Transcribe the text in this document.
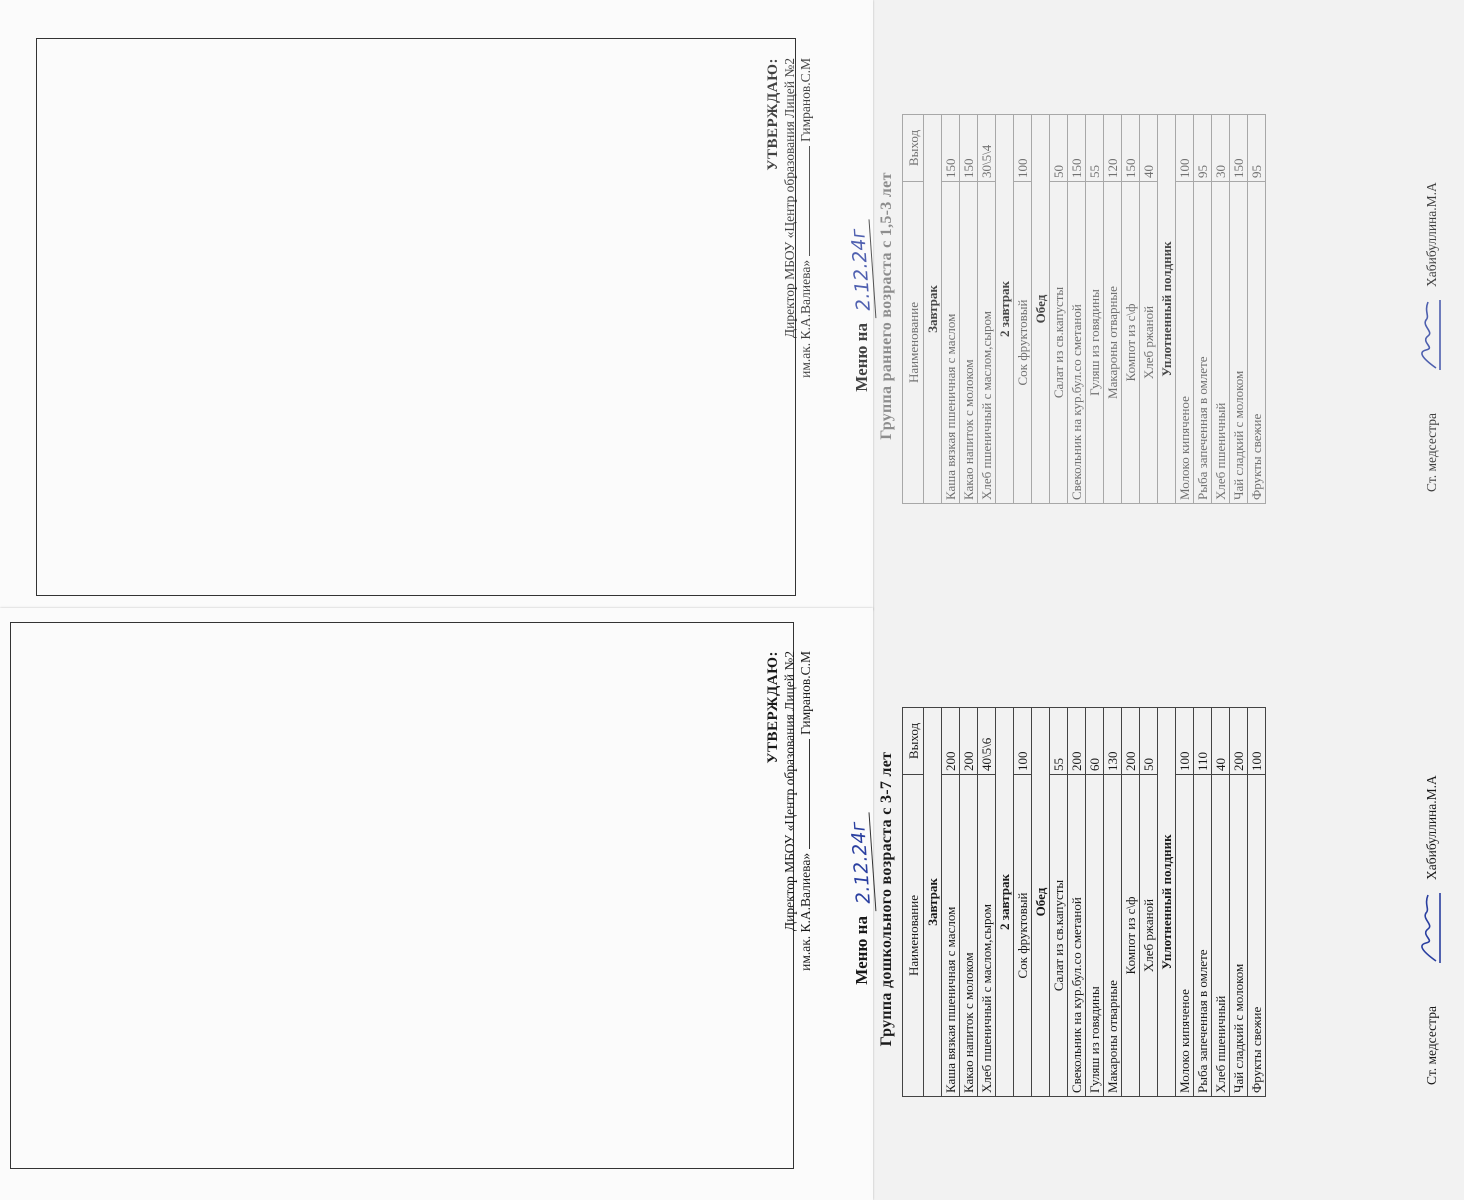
УТВЕРЖДАЮ: Директор МБОУ «Центр образования Лицей №2 им.ак. К.А.Валиева»Гимранов.С.М
Меню на 2.12.24г Группа раннего возраста с 1,5-3 лет Наименование	Выход
Завтрак	
Каша вязкая пшеничная с маслом	150
Какао напиток с молоком	150
Хлеб пшеничный с маслом,сыром	30\5\4
2 завтрак	
Сок фруктовый	100
Обед	
Салат из св.капусты	50
Свекольник на кур.бул.со сметаной	150
Гуляш из говядины	55
Макароны отварные	120
Компот из с\ф	150
Хлеб ржаной	40
Уплотненный полдник	
Молоко кипяченое	100
Рыба запеченная в омлете	95
Хлеб пшеничный	30
Чай сладкий с молоком	150
Фрукты свежие	95
Ст. медсестра
Хабибуллина.М.А
УТВЕРЖДАЮ: Директор МБОУ «Центр образования Лицей №2 им.ак. К.А.Валиева»Гимранов.С.М
Меню на 2.12.24г Группа дошкольного возраста с 3-7 лет Наименование	Выход
Завтрак	
Каша вязкая пшеничная с маслом	200
Какао напиток с молоком	200
Хлеб пшеничный с маслом,сыром	40\5\6
2 завтрак	
Сок фруктовый	100
Обед	
Салат из св.капусты	55
Свекольник на кур.бул.со сметаной	200
Гуляш из говядины	60
Макароны отварные	130
Компот из с\ф	200
Хлеб ржаной	50
Уплотненный полдник	
Молоко кипяченое	100
Рыба запеченная в омлете	110
Хлеб пшеничный	40
Чай сладкий с молоком	200
Фрукты свежие	100
Ст. медсестра
Хабибуллина.М.А
